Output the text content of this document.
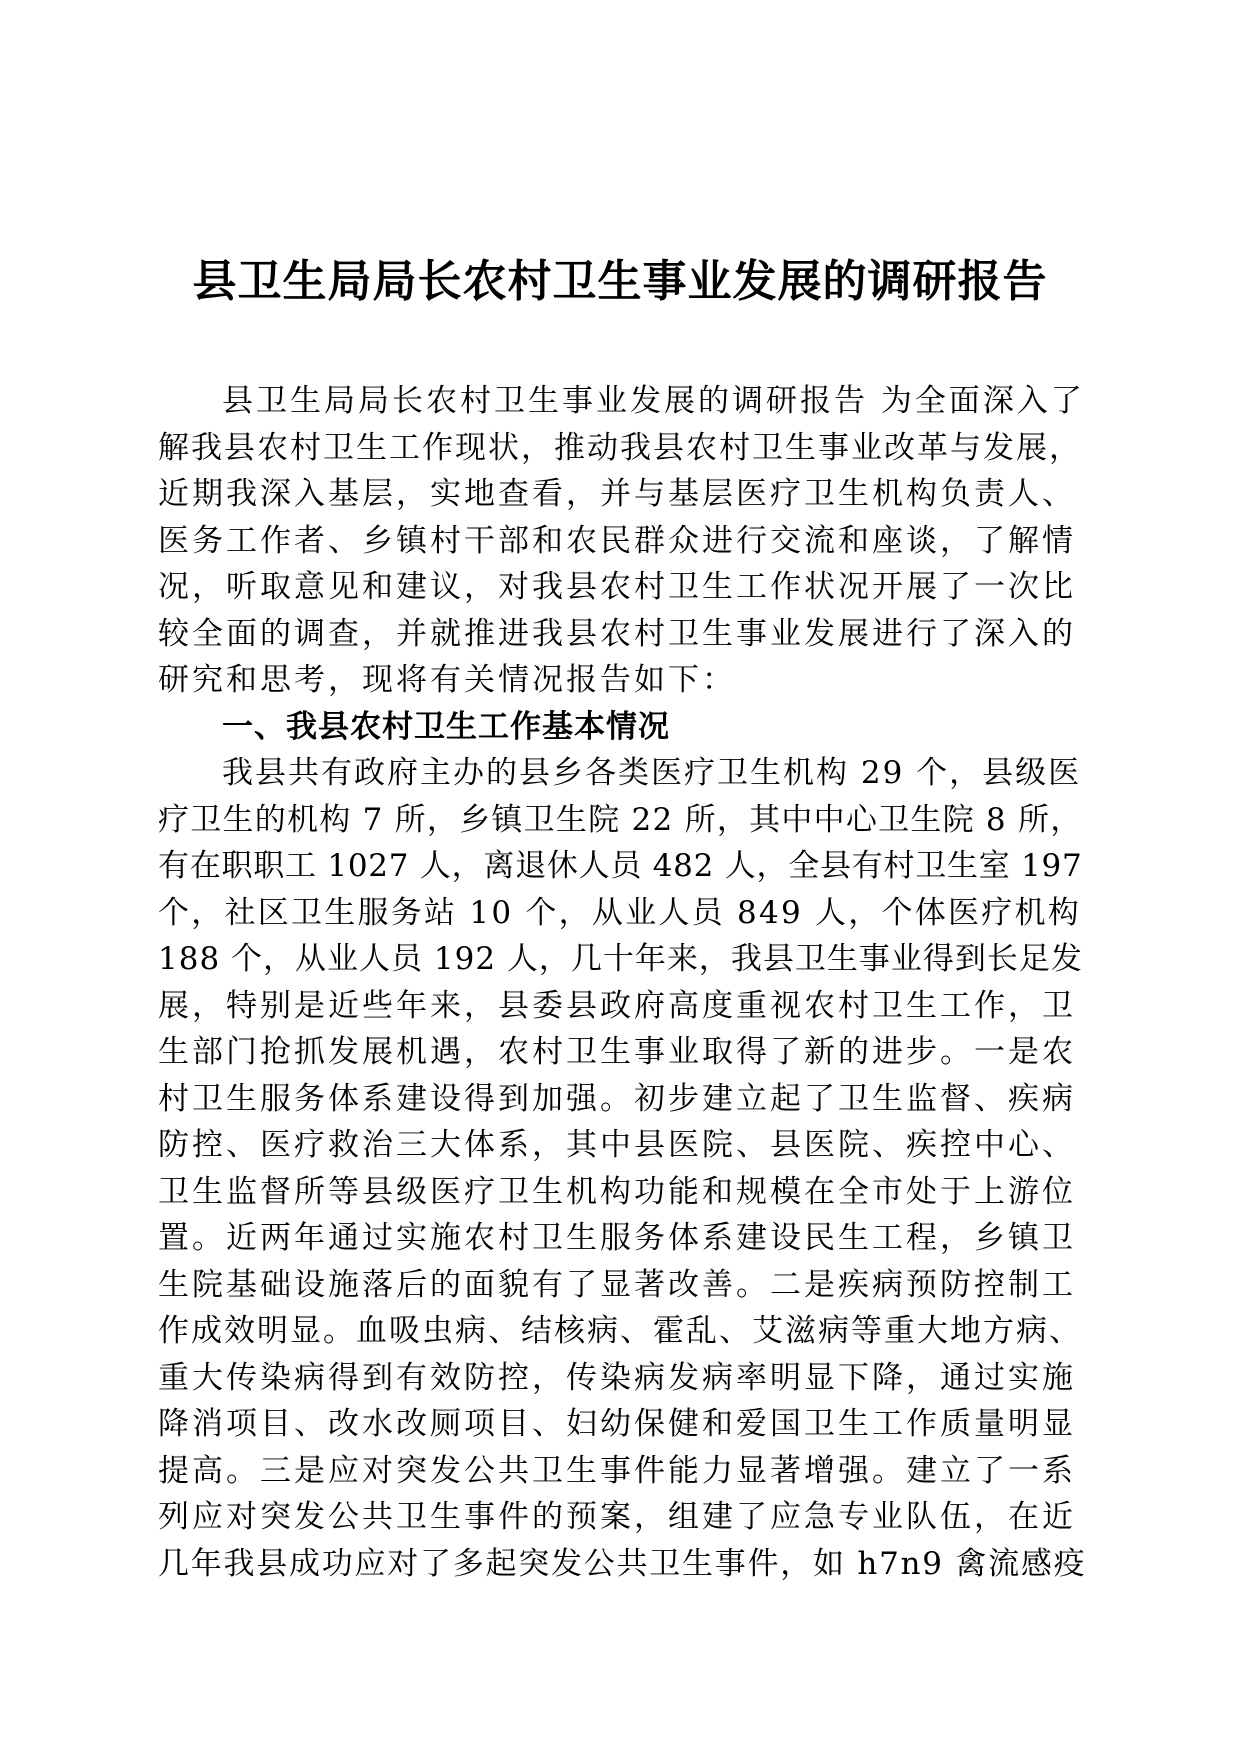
县卫生局局长农村卫生事业发展的调研报告
县卫生局局长农村卫生事业发展的调研报告 为全面深入了
解我县农村卫生工作现状，推动我县农村卫生事业改革与发展，
近期我深入基层，实地查看，并与基层医疗卫生机构负责人、
医务工作者、乡镇村干部和农民群众进行交流和座谈，了解情
况，听取意见和建议，对我县农村卫生工作状况开展了一次比
较全面的调查，并就推进我县农村卫生事业发展进行了深入的
研究和思考，现将有关情况报告如下：
一、我县农村卫生工作基本情况
我县共有政府主办的县乡各类医疗卫生机构 29 个，县级医
疗卫生的机构 7 所，乡镇卫生院 22 所，其中中心卫生院 8 所，
有在职职工 1027 人，离退休人员 482 人，全县有村卫生室 197
个，社区卫生服务站 10 个，从业人员 849 人，个体医疗机构
188 个，从业人员 192 人，几十年来，我县卫生事业得到长足发
展，特别是近些年来，县委县政府高度重视农村卫生工作，卫
生部门抢抓发展机遇，农村卫生事业取得了新的进步。一是农
村卫生服务体系建设得到加强。初步建立起了卫生监督、疾病
防控、医疗救治三大体系，其中县医院、县医院、疾控中心、
卫生监督所等县级医疗卫生机构功能和规模在全市处于上游位
置。近两年通过实施农村卫生服务体系建设民生工程，乡镇卫
生院基础设施落后的面貌有了显著改善。二是疾病预防控制工
作成效明显。血吸虫病、结核病、霍乱、艾滋病等重大地方病、
重大传染病得到有效防控，传染病发病率明显下降，通过实施
降消项目、改水改厕项目、妇幼保健和爱国卫生工作质量明显
提高。三是应对突发公共卫生事件能力显著增强。建立了一系
列应对突发公共卫生事件的预案，组建了应急专业队伍，在近
几年我县成功应对了多起突发公共卫生事件，如 h7n9 禽流感疫
